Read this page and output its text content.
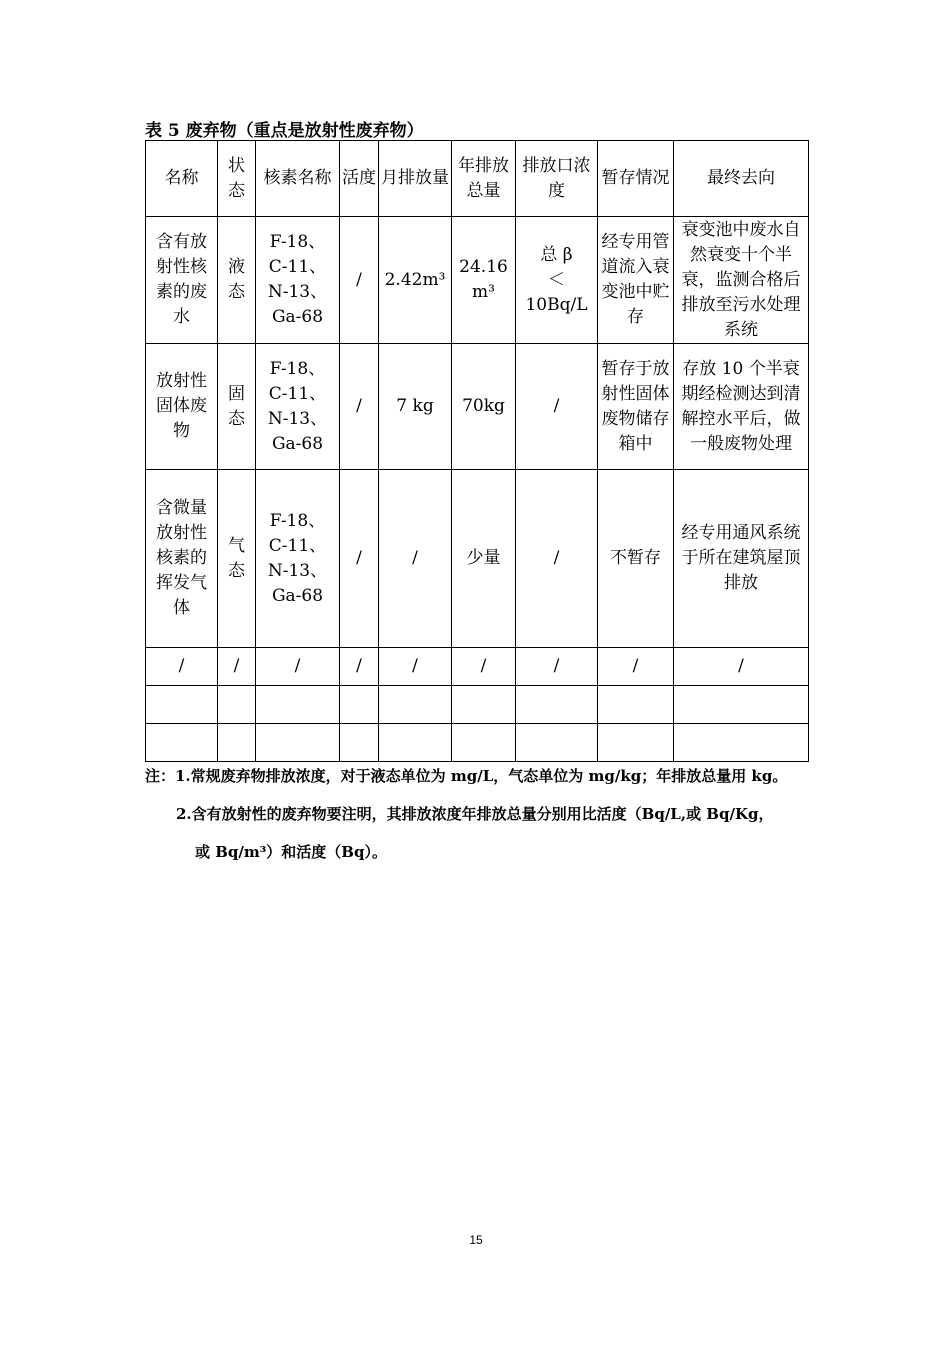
表 5 废弃物（重点是放射性废弃物）
名称	状态	核素名称	活度	月排放量	年排放总量	排放口浓度	暂存情况	最终去向
含有放射性核素的废水	液态	F-18、
C-11、
N-13、
Ga-68	/	2.42m³	24.16 m³	总 β
＜
10Bq/L	经专用管道流入衰变池中贮存	衰变池中废水自然衰变十个半衰，监测合格后排放至污水处理系统
放射性固体废物	固态	F-18、
C-11、
N-13、
Ga-68	/	7 kg	70kg	/	暂存于放射性固体废物储存箱中	存放 10 个半衰期经检测达到清解控水平后，做一般废物处理
含微量放射性核素的挥发气体	气态	F-18、
C-11、
N-13、
Ga-68	/	/	少量	/	不暂存	经专用通风系统于所在建筑屋顶排放
/	/	/	/	/	/	/	/	/

注：1.常规废弃物排放浓度，对于液态单位为 mg/L，气态单位为 mg/kg；年排放总量用 kg。
2.含有放射性的废弃物要注明，其排放浓度年排放总量分别用比活度（Bq/L,或 Bq/Kg，
或 Bq/m³）和活度（Bq）。
15
